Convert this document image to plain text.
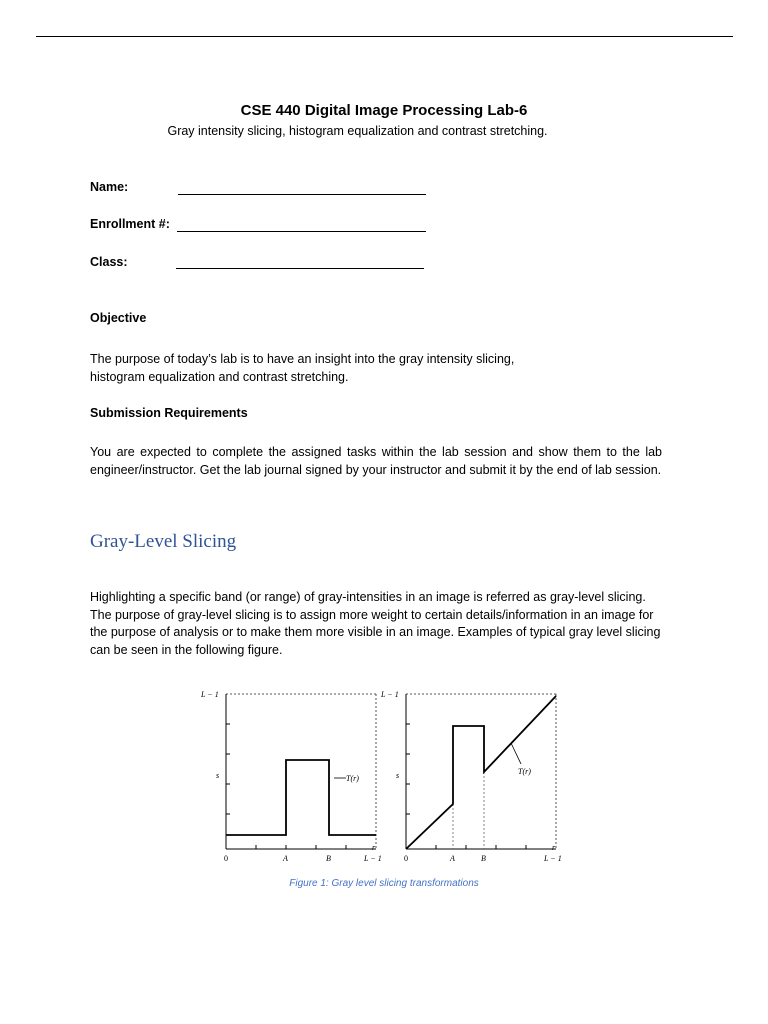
CSE 440 Digital Image Processing Lab-6
Gray intensity slicing, histogram equalization and contrast stretching.
Name:
Enrollment #:
Class:
Objective
The purpose of today’s lab is to have an insight into the gray intensity slicing,
histogram equalization and contrast stretching.
Submission Requirements

You are expected to complete the assigned tasks within the lab session and show them to the lab engineer/instructor. Get the lab journal signed by your instructor and submit it by the end of lab session.

Gray-Level Slicing

Highlighting a specific band (or range) of gray-intensities in an image is referred as gray-level slicing. The purpose of gray-level slicing is to assign more weight to certain details/information in an image for the purpose of analysis or to make them more visible in an image. Examples of typical gray level slicing can be seen in the following figure.

T(r)
L − 1
s
r
0	A	B	L − 1
T(r)
L − 1
s
r
0	A	B	L − 1
Figure 1: Gray level slicing transformations
